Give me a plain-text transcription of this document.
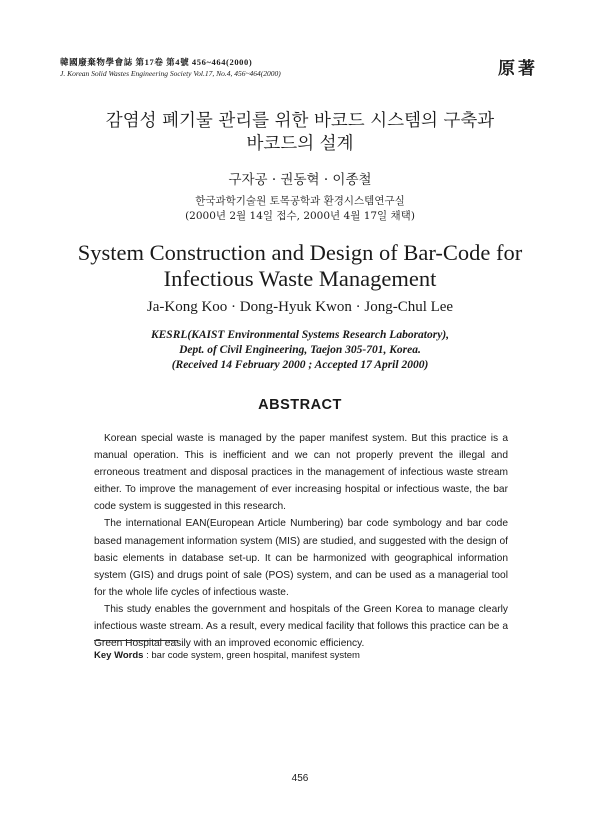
韓國廢棄物學會誌 第17卷 第4號 456~464(2000)
J. Korean Solid Wastes Engineering Society Vol.17, No.4, 456~464(2000)	原著
감염성 폐기물 관리를 위한 바코드 시스템의 구축과
바코드의 설계
구자공 · 권동혁 · 이종철
한국과학기술원 토목공학과 환경시스템연구실
(2000년 2월 14일 접수, 2000년 4월 17일 채택)
System Construction and Design of Bar-Code for
Infectious Waste Management
Ja-Kong Koo · Dong-Hyuk Kwon · Jong-Chul Lee
KESRL(KAIST Environmental Systems Research Laboratory),
Dept. of Civil Engineering, Taejon 305-701, Korea.
(Received 14 February 2000 ; Accepted 17 April 2000)
ABSTRACT

Korean special waste is managed by the paper manifest system. But this practice is a manual operation. This is inefficient and we can not properly prevent the illegal and erroneous treatment and disposal practices in the management of infectious waste stream either. To improve the management of ever increasing hospital or infectious waste, the bar code system is suggested in this research.

The international EAN(European Article Numbering) bar code symbology and bar code based management information system (MIS) are studied, and suggested with the design of basic elements in database set-up. It can be harmonized with geographical information system (GIS) and drugs point of sale (POS) system, and can be used as a managerial tool for the whole life cycles of infectious waste.

This study enables the government and hospitals of the Green Korea to manage clearly infectious waste stream. As a result, every medical facility that follows this practice can be a Green Hospital easily with an improved economic efficiency.

Key Words : bar code system, green hospital, manifest system
456
